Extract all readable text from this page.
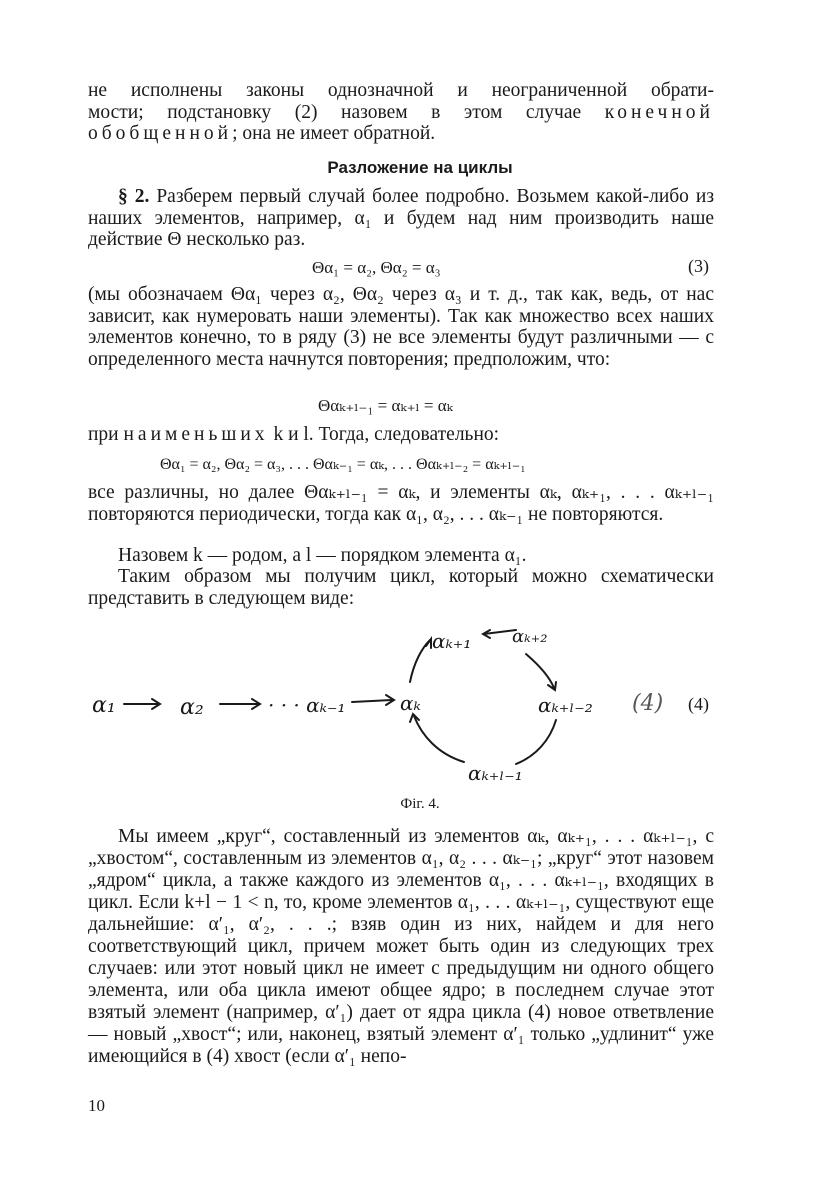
не исполнены законы однозначной и неограниченной обрати-

мости; подстановку (2) назовем в этом случае конечной

обобщенной; она не имеет обратной.

Разложение на циклы

§ 2. Разберем первый случай более подробно. Возьмем какой-либо из наших элементов, например, α₁ и будем над ним производить наше действие Θ несколько раз.

Θα₁ = α₂, Θα₂ = α₃	(3)

(мы обозначаем Θα₁ через α₂, Θα₂ через α₃ и т. д., так как, ведь, от нас зависит, как нумеровать наши элементы). Так как множество всех наших элементов конечно, то в ряду (3) не все элементы будут различными — с определенного места начнутся повторения; предположим, что:

Θαₖ₊ₗ₋₁ = αₖ₊ₗ = αₖ

при наименьших k и l. Тогда, следовательно:

Θα₁ = α₂, Θα₂ = α₃, . . . Θαₖ₋₁ = αₖ, . . . Θαₖ₊ₗ₋₂ = αₖ₊ₗ₋₁

все различны, но далее Θαₖ₊ₗ₋₁ = αₖ, и элементы αₖ, αₖ₊₁, . . . αₖ₊ₗ₋₁ повторяются периодически, тогда как α₁, α₂, . . . αₖ₋₁ не повторяются.

Назовем k — родом, а l — порядком элемента α₁.

Таким образом мы получим цикл, который можно схематически представить в следующем виде:

α₁	α₂	· · · αₖ₋₁	αₖ
αₖ₊₁ αₖ₊₂
αₖ₊ₗ₋₂
αₖ₊ₗ₋₁
(4) (4)
Фіг. 4.

Мы имеем „круг“, составленный из элементов αₖ, αₖ₊₁, . . . αₖ₊ₗ₋₁, с „хвостом“, составленным из элементов α₁, α₂ . . . αₖ₋₁; „круг“ этот назовем „ядром“ цикла, а также каждого из элементов α₁, . . . αₖ₊ₗ₋₁, входящих в цикл. Если k+l − 1 < n, то, кроме элементов α₁, . . . αₖ₊ₗ₋₁, существуют еще дальнейшие: α′₁, α′₂, . . .; взяв один из них, найдем и для него соответствующий цикл, причем может быть один из следующих трех случаев: или этот новый цикл не имеет с предыдущим ни одного общего элемента, или оба цикла имеют общее ядро; в последнем случае этот взятый элемент (например, α′₁) дает от ядра цикла (4) новое ответвление — новый „хвост“; или, наконец, взятый элемент α′₁ только „удлинит“ уже имеющийся в (4) хвост (если α′₁ непо-

10
